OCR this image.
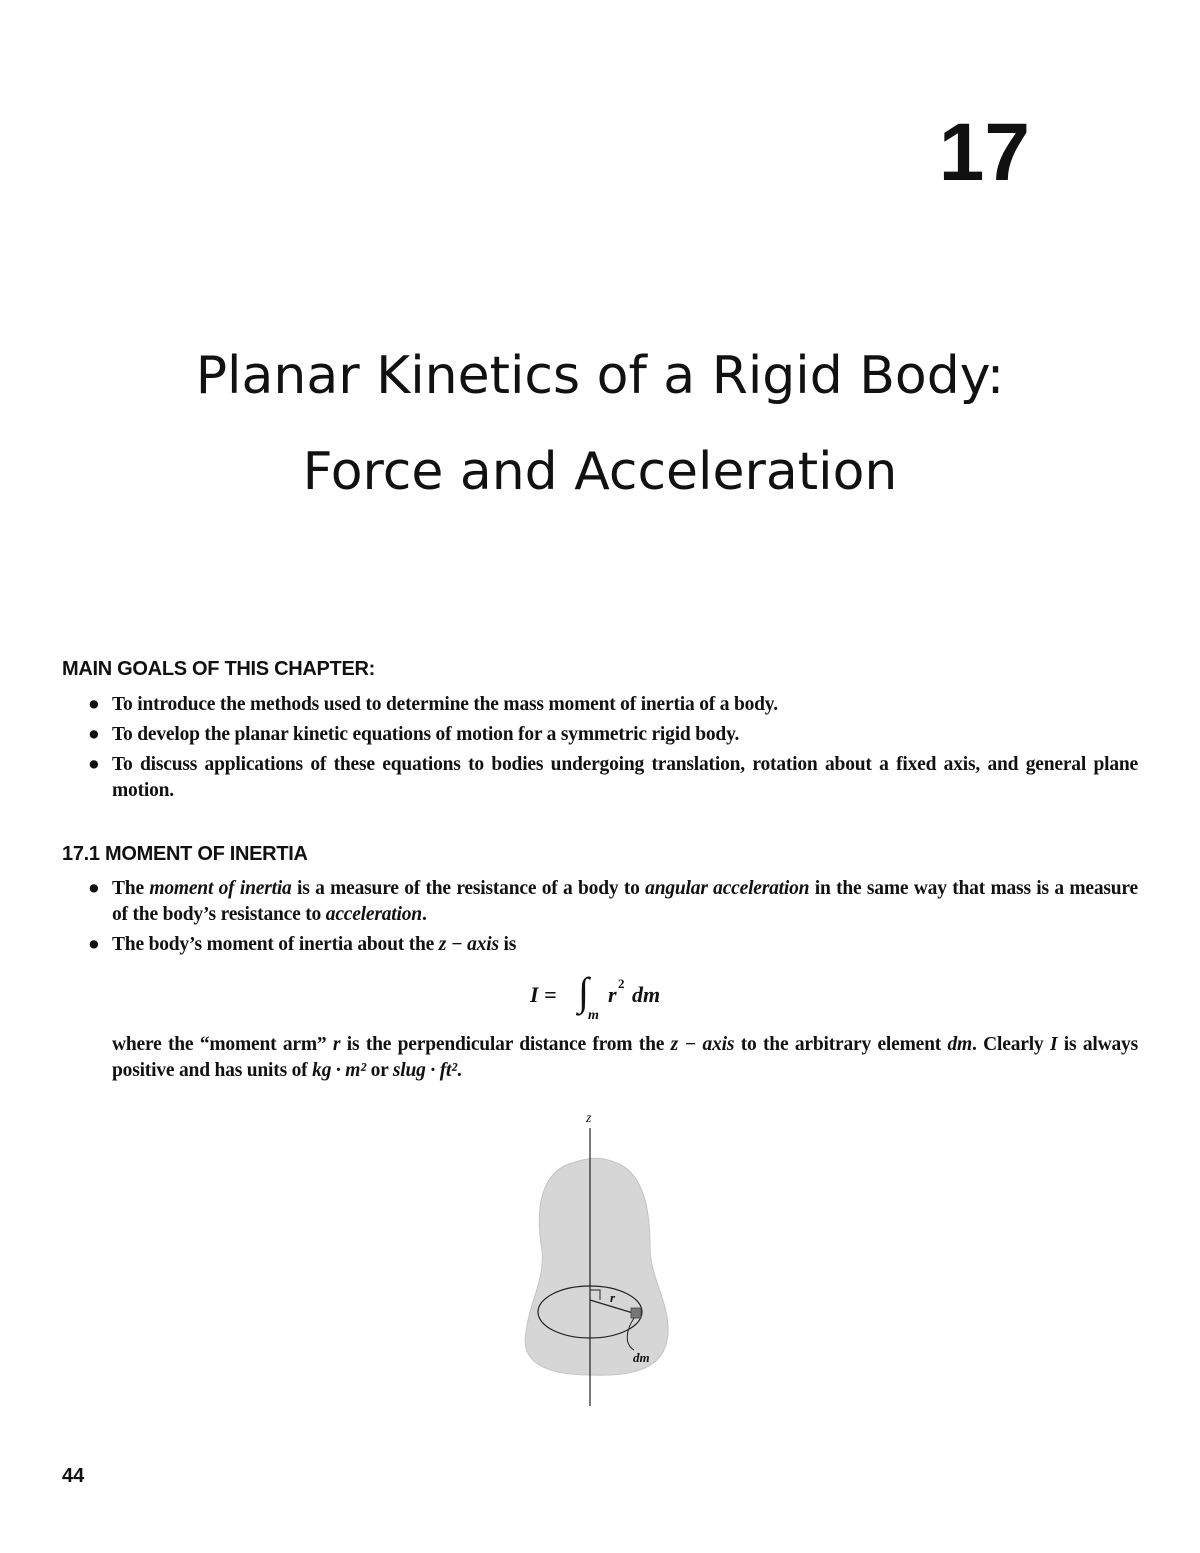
17
Planar Kinetics of a Rigid Body:
Force and Acceleration
MAIN GOALS OF THIS CHAPTER:
● To introduce the methods used to determine the mass moment of inertia of a body.
● To develop the planar kinetic equations of motion for a symmetric rigid body.
● To discuss applications of these equations to bodies undergoing translation, rotation about a fixed axis, and general plane motion.
17.1 MOMENT OF INERTIA
● The moment of inertia is a measure of the resistance of a body to angular acceleration in the same way that mass is a measure of the body’s resistance to acceleration.
● The body’s moment of inertia about the z − axis is
I = ∫
m
r 2 dm
where the “moment arm” r is the perpendicular distance from the z − axis to the arbitrary element dm. Clearly I is always positive and has units of kg · m² or slug · ft².
z
r
dm
44
